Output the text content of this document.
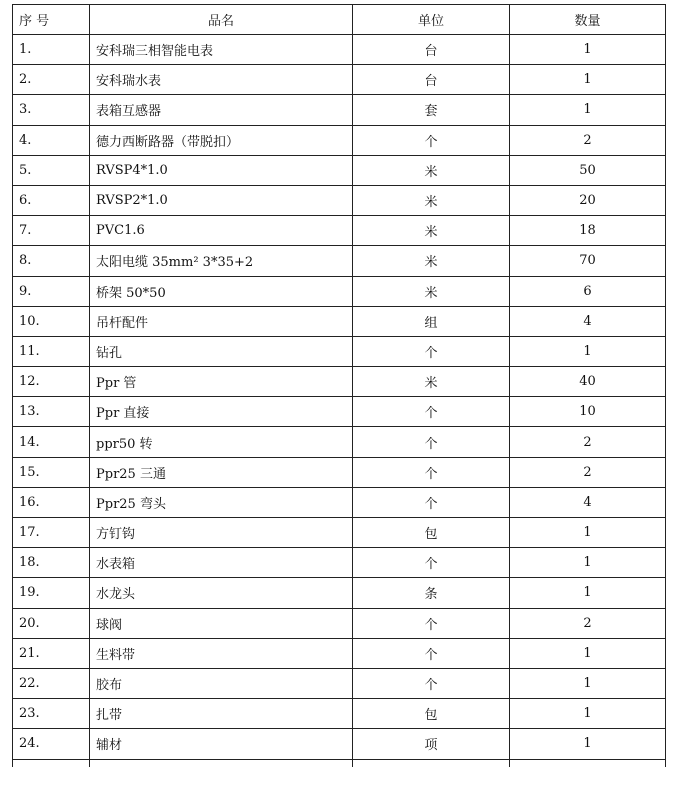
序 号	品名	单位	数量
1.	安科瑞三相智能电表	台	1
2.	安科瑞水表	台	1
3.	表箱互感器	套	1
4.	德力西断路器（带脱扣）	个	2
5.	RVSP4*1.0	米	50
6.	RVSP2*1.0	米	20
7.	PVC1.6	米	18
8.	太阳电缆 35mm² 3*35+2	米	70
9.	桥架 50*50	米	6
10.	吊杆配件	组	4
11.	钻孔	个	1
12.	Ppr 管	米	40
13.	Ppr 直接	个	10
14.	ppr50 转	个	2
15.	Ppr25 三通	个	2
16.	Ppr25 弯头	个	4
17.	方钉钩	包	1
18.	水表箱	个	1
19.	水龙头	条	1
20.	球阀	个	2
21.	生料带	个	1
22.	胶布	个	1
23.	扎带	包	1
24.	辅材	项	1
